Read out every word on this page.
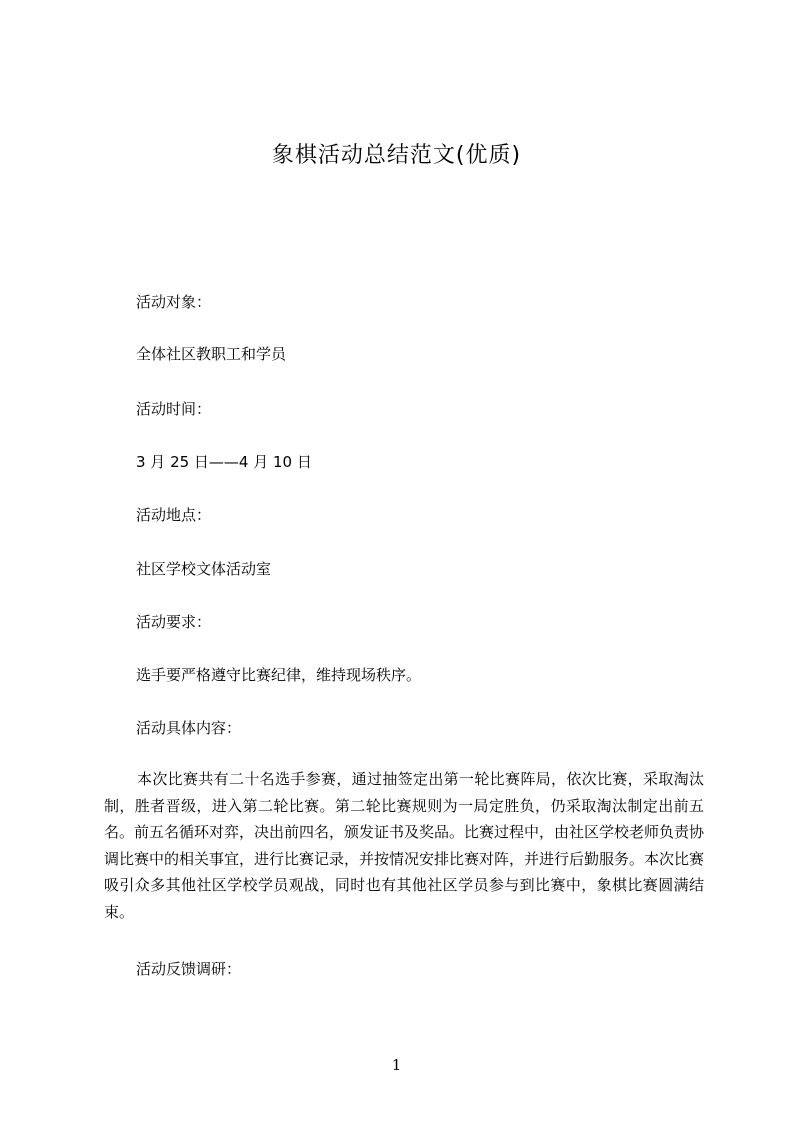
象棋活动总结范文(优质)
活动对象：
全体社区教职工和学员
活动时间：
3 月 25 日——4 月 10 日
活动地点：
社区学校文体活动室
活动要求：
选手要严格遵守比赛纪律，维持现场秩序。
活动具体内容：
本次比赛共有二十名选手参赛，通过抽签定出第一轮比赛阵局，依次比赛，采取淘汰制，胜者晋级，进入第二轮比赛。第二轮比赛规则为一局定胜负，仍采取淘汰制定出前五名。前五名循环对弈，决出前四名，颁发证书及奖品。比赛过程中，由社区学校老师负责协调比赛中的相关事宜，进行比赛记录，并按情况安排比赛对阵，并进行后勤服务。本次比赛吸引众多其他社区学校学员观战，同时也有其他社区学员参与到比赛中，象棋比赛圆满结束。
活动反馈调研：
1
